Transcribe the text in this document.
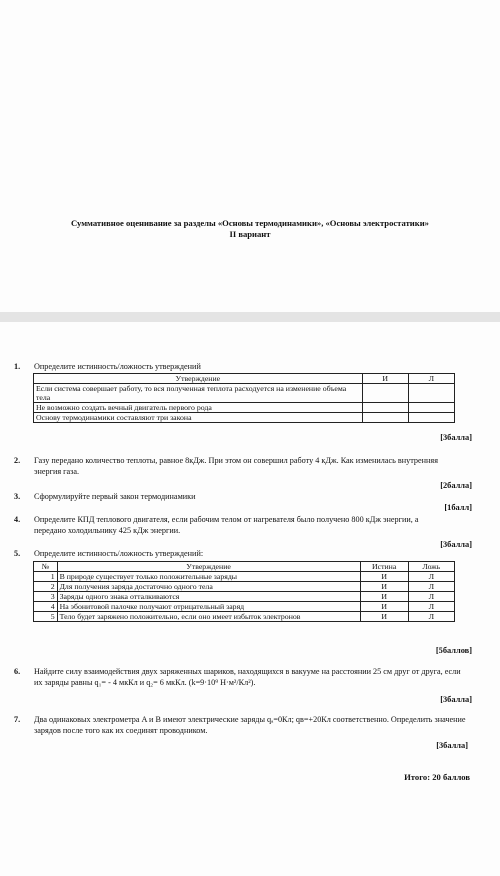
Суммативное оценивание за разделы «Основы термодинамики», «Основы электростатики»
II вариант
1.	Определите истинность/ложность утверждений
Утверждение	И	Л
Если система совершает работу, то вся полученная теплота расходуется на изменение объема тела		
Не возможно создать вечный двигатель первого рода		
Основу термодинамики составляют три закона		
[3балла]
2.	Газу передано количество теплоты, равное 8кДж. При этом он совершил работу 4 кДж. Как изменилась внутренняя энергия газа.
[2балла]
3.	Сформулируйте первый закон термодинамики
[1балл]
4.	Определите КПД теплового двигателя, если рабочим телом от нагревателя было получено 800 кДж энергии, а передано холодильнику 425 кДж энергии.
[3балла]
5.	Определите истинность/ложность утверждений:
№	Утверждение	Истина	Ложь
1	В природе существует только положительные заряды	И	Л
2	Для получения заряда достаточно одного тела	И	Л
3	Заряды одного знака отталкиваются	И	Л
4	На эбонитовой палочке получают отрицательный заряд	И	Л
5	Тело будет заряжено положительно, если оно имеет избыток электронов	И	Л
[5баллов]
6.	Найдите силу взаимодействия двух заряженных шариков, находящихся в вакууме на расстоянии 25 см друг от друга, если их заряды равны q₁= - 4 мкКл и q₂= 6 мкКл. (k=9·10⁹ Н·м²/Кл²).
[3балла]
7.	Два одинаковых электрометра A и B имеют электрические заряды qₐ=0Кл; qв=+20Кл соответственно. Определить значение зарядов после того как их соединят проводником.
[3балла]
Итого: 20 баллов
